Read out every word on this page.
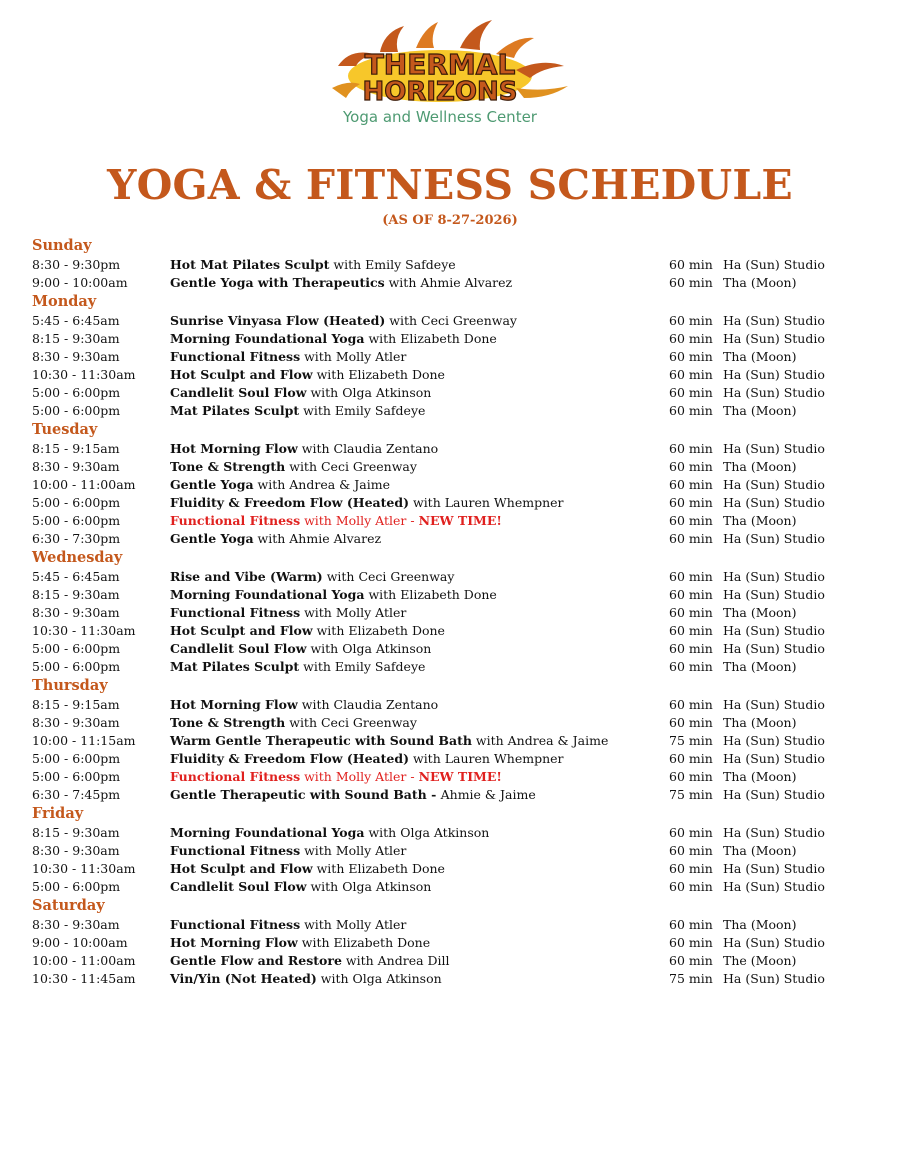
THERMAL
HORIZONS
Yoga and Wellness Center
YOGA & FITNESS SCHEDULE
(AS OF 8-27-2026)
Sunday
8:30 - 9:30pm	Hot Mat Pilates Sculpt with Emily Safdeye	60 min Ha (Sun) Studio
9:00 - 10:00am	Gentle Yoga with Therapeutics with Ahmie Alvarez	60 min Tha (Moon)
Monday
5:45 - 6:45am	Sunrise Vinyasa Flow (Heated) with Ceci Greenway	60 min Ha (Sun) Studio
8:15 - 9:30am	Morning Foundational Yoga with Elizabeth Done	60 min Ha (Sun) Studio
8:30 - 9:30am	Functional Fitness with Molly Atler	60 min Tha (Moon)
10:30 - 11:30am	Hot Sculpt and Flow with Elizabeth Done	60 min Ha (Sun) Studio
5:00 - 6:00pm	Candlelit Soul Flow with Olga Atkinson	60 min Ha (Sun) Studio
5:00 - 6:00pm	Mat Pilates Sculpt with Emily Safdeye	60 min Tha (Moon)
Tuesday
8:15 - 9:15am	Hot Morning Flow with Claudia Zentano	60 min Ha (Sun) Studio
8:30 - 9:30am	Tone & Strength with Ceci Greenway	60 min Tha (Moon)
10:00 - 11:00am	Gentle Yoga with Andrea & Jaime	60 min Ha (Sun) Studio
5:00 - 6:00pm	Fluidity & Freedom Flow (Heated) with Lauren Whempner	60 min Ha (Sun) Studio
5:00 - 6:00pm	Functional Fitness with Molly Atler - NEW TIME!	60 min Tha (Moon)
6:30 - 7:30pm	Gentle Yoga with Ahmie Alvarez	60 min Ha (Sun) Studio
Wednesday
5:45 - 6:45am	Rise and Vibe (Warm) with Ceci Greenway	60 min Ha (Sun) Studio
8:15 - 9:30am	Morning Foundational Yoga with Elizabeth Done	60 min Ha (Sun) Studio
8:30 - 9:30am	Functional Fitness with Molly Atler	60 min Tha (Moon)
10:30 - 11:30am	Hot Sculpt and Flow with Elizabeth Done	60 min Ha (Sun) Studio
5:00 - 6:00pm	Candlelit Soul Flow with Olga Atkinson	60 min Ha (Sun) Studio
5:00 - 6:00pm	Mat Pilates Sculpt with Emily Safdeye	60 min Tha (Moon)
Thursday
8:15 - 9:15am	Hot Morning Flow with Claudia Zentano	60 min Ha (Sun) Studio
8:30 - 9:30am	Tone & Strength with Ceci Greenway	60 min Tha (Moon)
10:00 - 11:15am	Warm Gentle Therapeutic with Sound Bath with Andrea & Jaime	75 min Ha (Sun) Studio
5:00 - 6:00pm	Fluidity & Freedom Flow (Heated) with Lauren Whempner	60 min Ha (Sun) Studio
5:00 - 6:00pm	Functional Fitness with Molly Atler - NEW TIME!	60 min Tha (Moon)
6:30 - 7:45pm	Gentle Therapeutic with Sound Bath - Ahmie & Jaime	75 min Ha (Sun) Studio
Friday
8:15 - 9:30am	Morning Foundational Yoga with Olga Atkinson	60 min Ha (Sun) Studio
8:30 - 9:30am	Functional Fitness with Molly Atler	60 min Tha (Moon)
10:30 - 11:30am	Hot Sculpt and Flow with Elizabeth Done	60 min Ha (Sun) Studio
5:00 - 6:00pm	Candlelit Soul Flow with Olga Atkinson	60 min Ha (Sun) Studio
Saturday
8:30 - 9:30am	Functional Fitness with Molly Atler	60 min Tha (Moon)
9:00 - 10:00am	Hot Morning Flow with Elizabeth Done	60 min Ha (Sun) Studio
10:00 - 11:00am	Gentle Flow and Restore with Andrea Dill	60 min The (Moon)
10:30 - 11:45am	Vin/Yin (Not Heated) with Olga Atkinson	75 min Ha (Sun) Studio
